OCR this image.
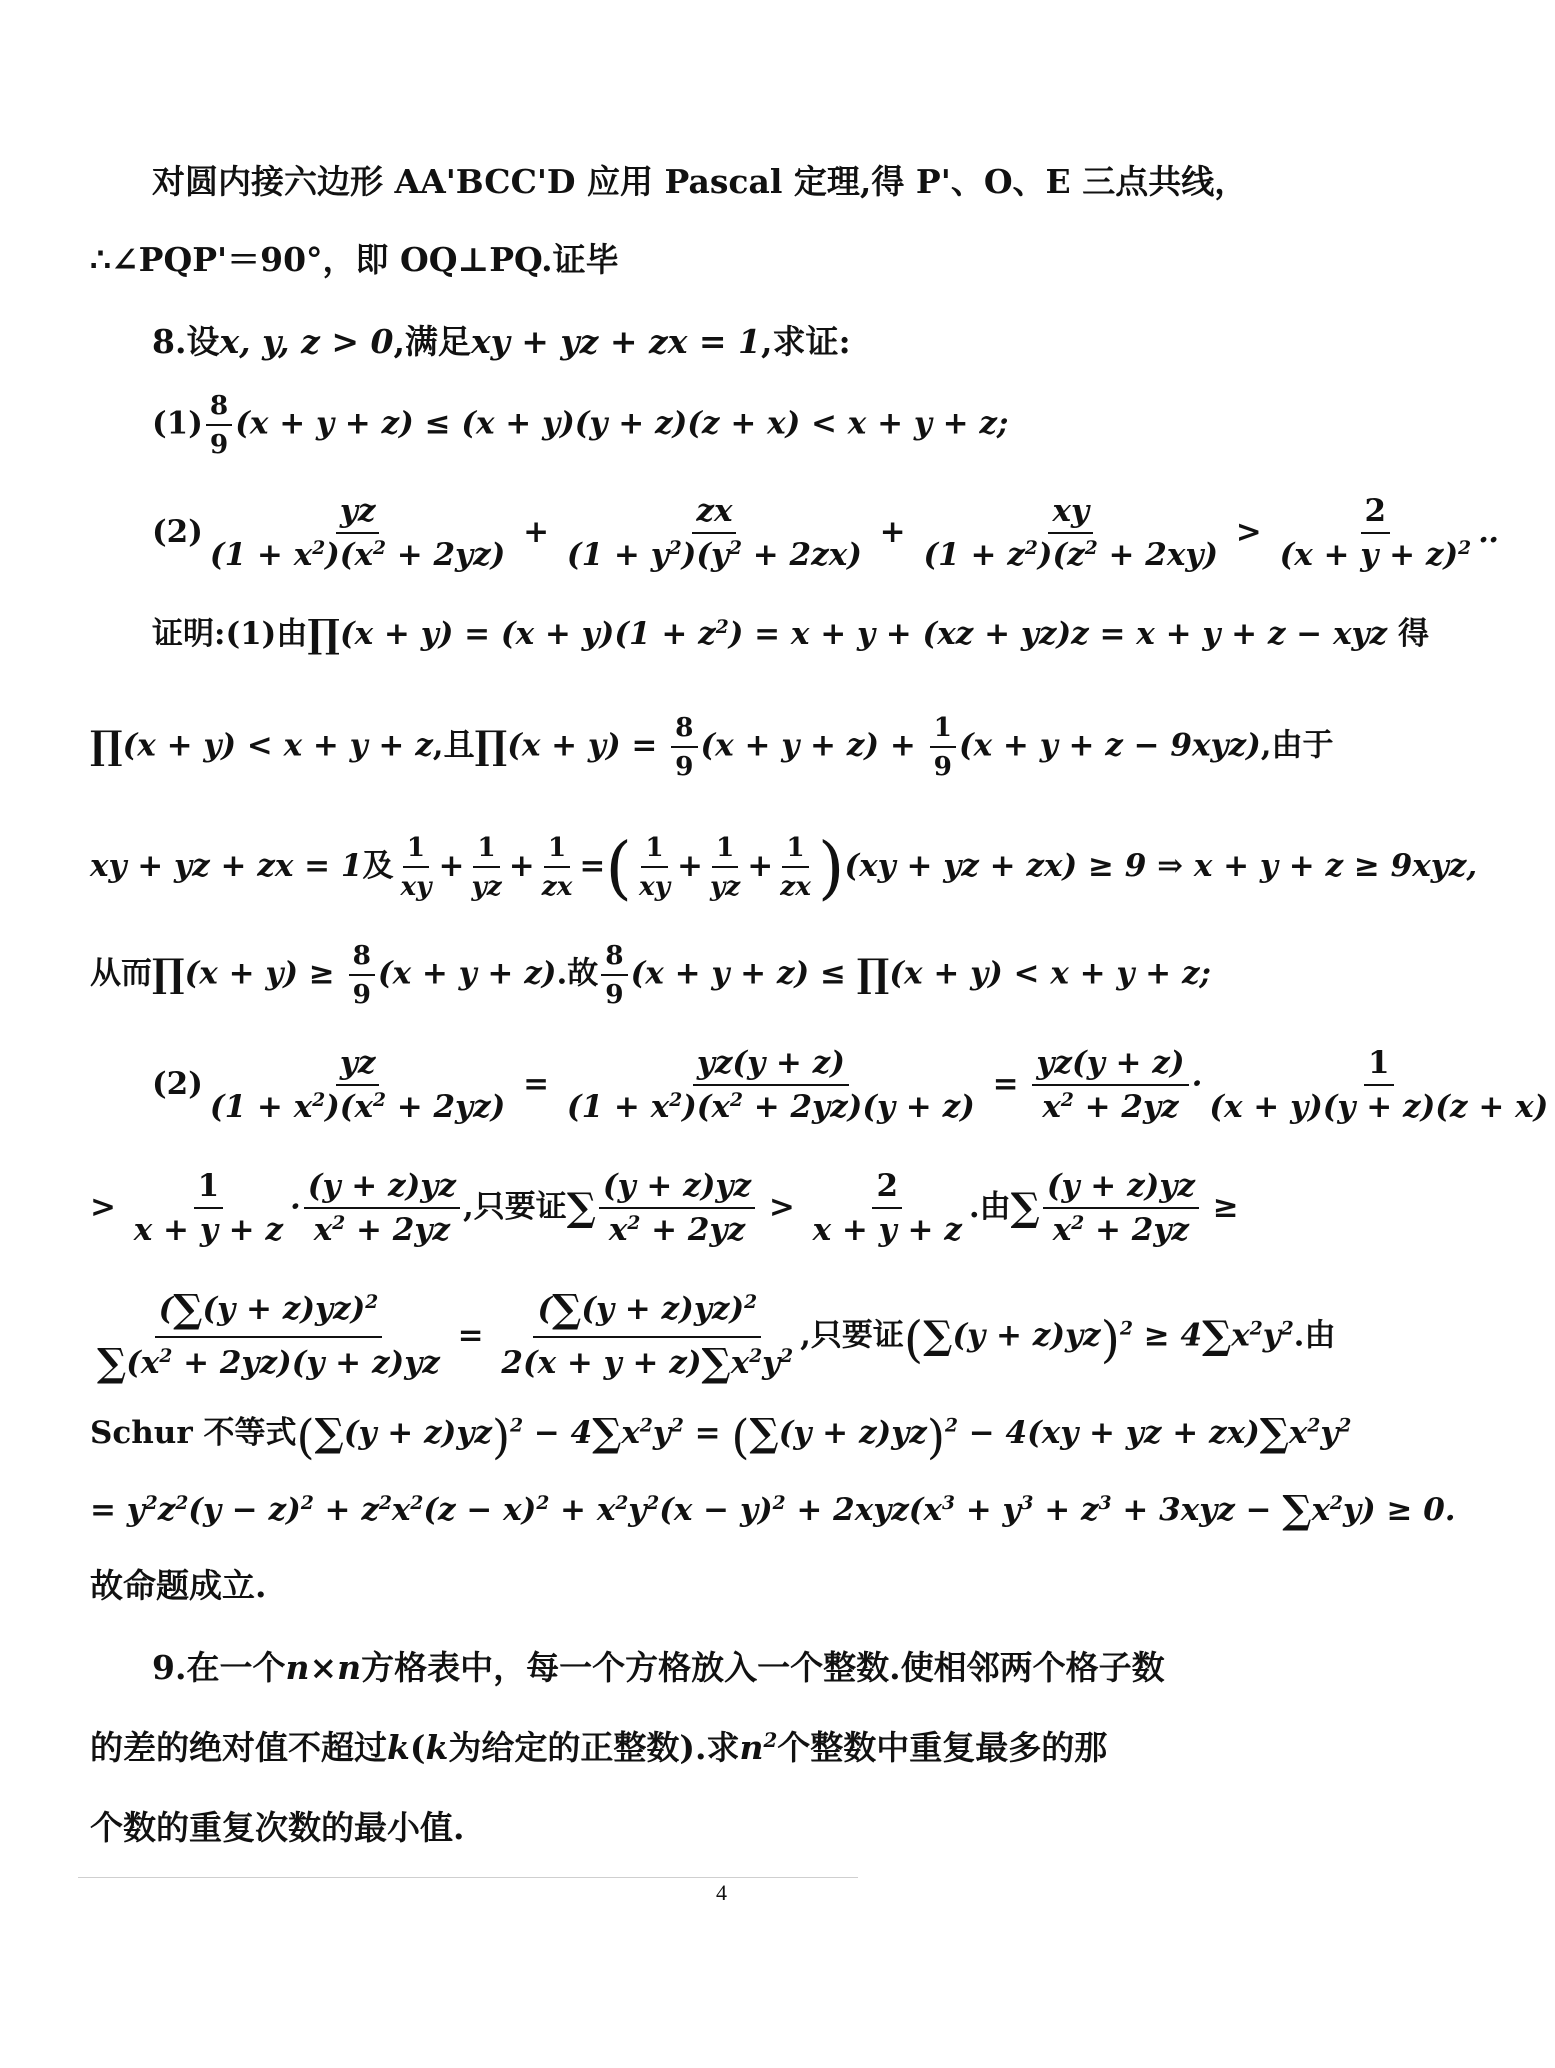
对圆内接六边形 AA'BCC'D 应用 Pascal 定理,得 P'、O、E 三点共线，
∴∠PQP'＝90°，即 OQ⊥PQ.证毕
8.设x, y, z > 0,满足xy + yz + zx = 1,求证:
$(1) \frac{8}{9} (x + y + z) \le (x + y)(y + z)(z + x) < x + y + z$;
$(2) \frac{yz}{(1 + x^2)(x^2 + 2yz)} + \frac{zx}{(1 + y^2)(y^2 + 2zx)} + \frac{xy}{(1 + z^2)(z^2 + 2xy)} > \frac{2}{(x + y + z)^2}$ ‥
证明:(1)由∏(x + $y) = (x + y)(1 + z^2) = x + y + (xz + yz)z = x + y + z$ − xyz 得
∏(x + y) < x + y + z,且∏(x + $y) = \frac{8}{9} (x + y + z) + \frac{1}{9} (x + y + z - 9xyz)$,由于
xy + yz + zx = 1及 $\frac{1}{xy} + \frac{1}{yz} + \frac{1}{zx}$ =( $\frac{1}{xy} + \frac{1}{yz} + \frac{1}{zx} )(xy$ + yz + zx) ≥ 9 ⇒ x + y + z ≥ 9xyz,
从而∏(x + $y) \ge \frac{8}{9} (x + y + z)$.故 $\frac{8}{9} (x + y + z)$ ≤ ∏(x + y) < x + y + z;
$(2) \frac{yz}{(1 + x^2)(x^2 + 2yz)} = \frac{yz(y + z)}{(1 + x^2)(x^2 + 2yz)(y + z)} = \frac{yz(y + z)}{x^2 + 2yz} \cdot \frac{1}{(x + y)(y + z)(z + x)}$
> $\frac{1}{x + y + z} \cdot \frac{(y + z)yz}{x^2 + 2yz}$ ,只要证∑ $\frac{(y + z)yz}{x^2 + 2yz} > \frac{2}{x + y + z}$ .由∑ $\frac{(y + z)yz}{x^2 + 2yz}$ ≥
$\frac{(\sum(y + z)yz)^2}{\sum(x^2 + 2yz)(y + z)yz} = \frac{(\sum(y + z)yz)^2}{2(x + y + z)\sum x^2y^2}$ ,只要证$(\sum(y + z)yz)^2 \ge 4\sum x^2y^2$.由
Schur 不等式$(\sum(y + z)yz)^2 - 4\sum x^2y^2 = (\sum(y + z)yz)^2 - 4(xy$ + yz + $zx)\sum x^2y^2$
= $y^2z^2(y - z)^2 + z^2x^2(z - x)^2 + x^2y^2(x - y)^2 + 2xyz(x^3 + y^3 + z^3 + 3xyz - \sum x^2y) \ge 0$.
故命题成立.
9.在一个n×n方格表中，每一个方格放入一个整数.使相邻两个格子数
的差的绝对值不超过k(k为给定的正整数).求$n^2$个整数中重复最多的那
个数的重复次数的最小值.
4
